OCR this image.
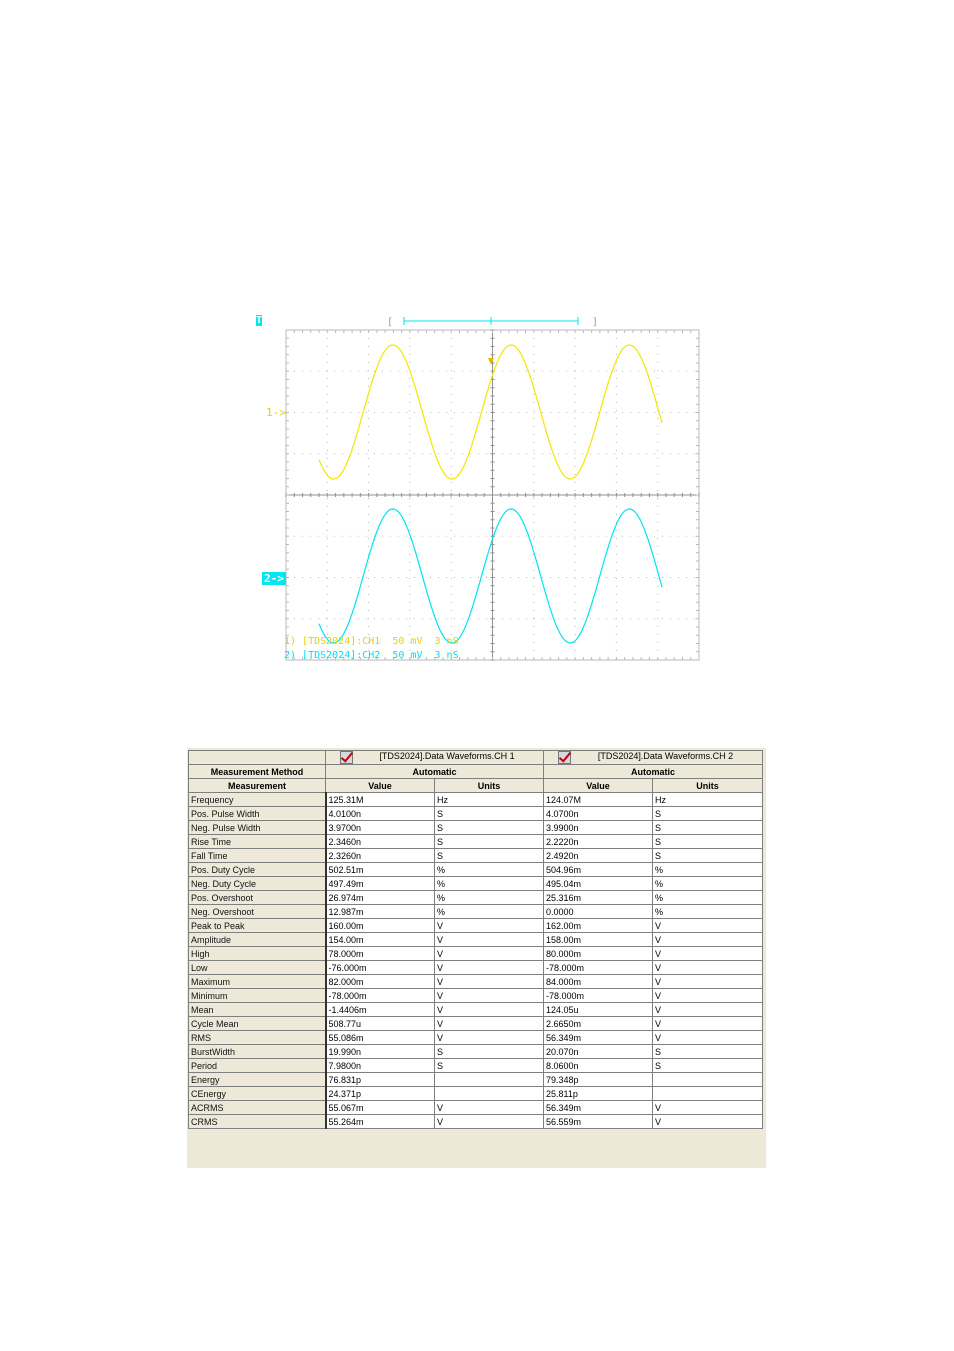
[	]
1->
2->
T
1) [TDS2024]:CH1  50 mV  3 nS
2) [TDS2024]:CH2  50 mV  3 nS

[TDS2024].Data Waveforms.CH 1		[TDS2024].Data Waveforms.CH 2	
Measurement Method	Automatic		Automatic	
Measurement	Value	Units	Value	Units
Frequency	125.31M	Hz	124.07M	Hz
Pos. Pulse Width	4.0100n	S	4.0700n	S
Neg. Pulse Width	3.9700n	S	3.9900n	S
Rise Time	2.3460n	S	2.2220n	S
Fall Time	2.3260n	S	2.4920n	S
Pos. Duty Cycle	502.51m	%	504.96m	%
Neg. Duty Cycle	497.49m	%	495.04m	%
Pos. Overshoot	26.974m	%	25.316m	%
Neg. Overshoot	12.987m	%	0.0000	%
Peak to Peak	160.00m	V	162.00m	V
Amplitude	154.00m	V	158.00m	V
High	78.000m	V	80.000m	V
Low	-76.000m	V	-78.000m	V
Maximum	82.000m	V	84.000m	V
Minimum	-78.000m	V	-78.000m	V
Mean	-1.4406m	V	124.05u	V
Cycle Mean	508.77u	V	2.6650m	V
RMS	55.086m	V	56.349m	V
BurstWidth	19.990n	S	20.070n	S
Period	7.9800n	S	8.0600n	S
Energy	76.831p		79.348p	
CEnergy	24.371p		25.811p	
ACRMS	55.067m	V	56.349m	V
CRMS	55.264m	V	56.559m	V
